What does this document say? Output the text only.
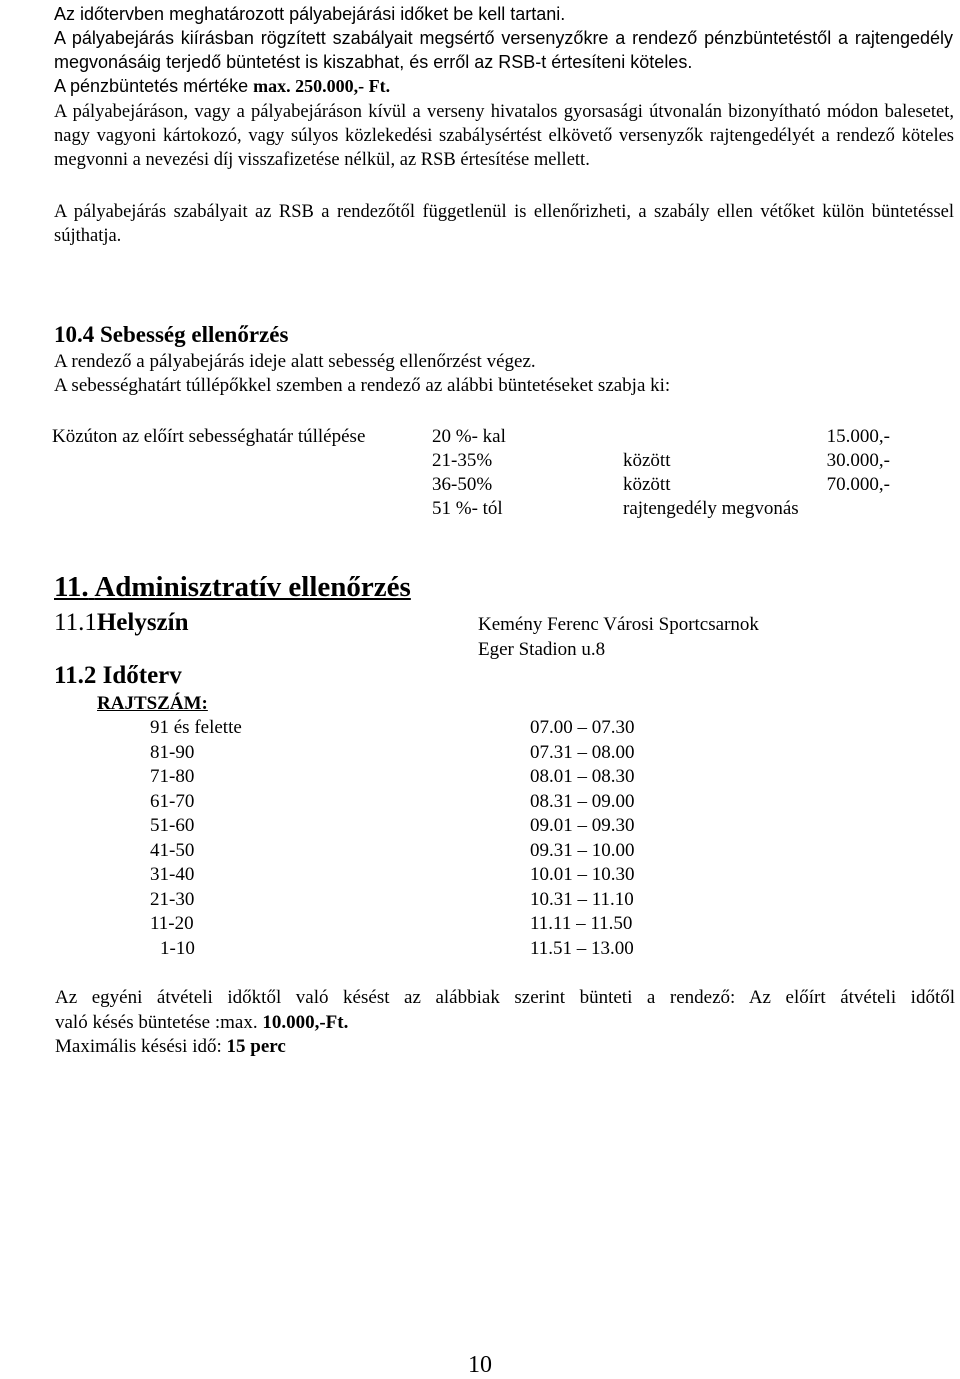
Az időtervben meghatározott pályabejárási időket be kell tartani.
A pályabejárás kiírásban rögzített szabályait megsértő versenyzőkre a rendező pénzbüntetéstől a rajtengedély megvonásáig terjedő büntetést is kiszabhat, és erről az RSB-t értesíteni köteles.
A pénzbüntetés mértéke max. 250.000,- Ft.
A pályabejáráson, vagy a pályabejáráson kívül a verseny hivatalos gyorsasági útvonalán bizonyítható módon balesetet, nagy vagyoni kártokozó, vagy súlyos közlekedési szabálysértést elkövető versenyzők rajtengedélyét a rendező köteles megvonni a nevezési díj visszafizetése nélkül, az RSB értesítése mellett.
A pályabejárás szabályait az RSB a rendezőtől függetlenül is ellenőrizheti, a szabály ellen vétőket külön büntetéssel sújthatja.
10.4 Sebesség ellenőrzés
A rendező a pályabejárás ideje alatt sebesség ellenőrzést végez.
A sebességhatárt túllépőkkel szemben a rendező az alábbi büntetéseket szabja ki:
Közúton az előírt sebességhatár túllépése	20 %- kal	15.000,-
21-35%	között	30.000,-
36-50%	között	70.000,-
51 %- tól	rajtengedély megvonás
11. Adminisztratív ellenőrzés
11.1Helyszín	Kemény Ferenc Városi Sportcsarnok
Eger Stadion u.8
11.2 Időterv
RAJTSZÁM:
91 és felette	07.00 – 07.30
81-90	07.31 – 08.00
71-80	08.01 – 08.30
61-70	08.31 – 09.00
51-60	09.01 – 09.30
41-50	09.31 – 10.00
31-40	10.01 – 10.30
21-30	10.31 – 11.10
11-20	11.11 – 11.50
1-10	11.51 – 13.00
Az egyéni átvételi időktől való késést az alábbiak szerint bünteti a rendező: Az előírt átvételi időtől
való késés büntetése :max. 10.000,-Ft.
Maximális késési idő: 15 perc
10
